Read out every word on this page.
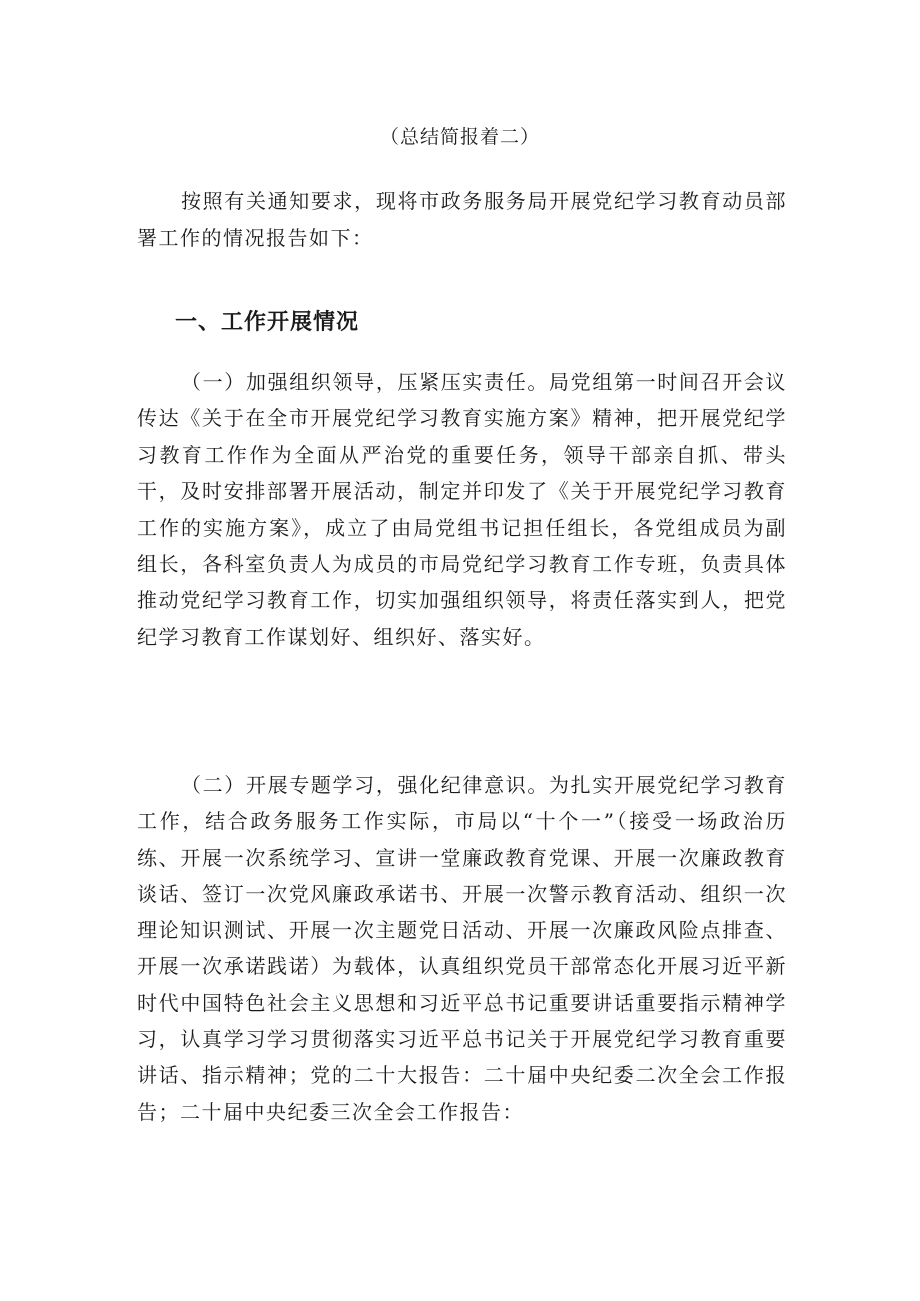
（总结简报着二）
按照有关通知要求，现将市政务服务局开展党纪学习教育动员部署工作的情况报告如下：
一、工作开展情况
（一）加强组织领导，压紧压实责任。局党组第一时间召开会议传达《关于在全市开展党纪学习教育实施方案》精神，把开展党纪学习教育工作作为全面从严治党的重要任务，领导干部亲自抓、带头干，及时安排部署开展活动，制定并印发了《关于开展党纪学习教育工作的实施方案》，成立了由局党组书记担任组长，各党组成员为副组长，各科室负责人为成员的市局党纪学习教育工作专班，负责具体推动党纪学习教育工作，切实加强组织领导，将责任落实到人，把党纪学习教育工作谋划好、组织好、落实好。
（二）开展专题学习，强化纪律意识。为扎实开展党纪学习教育工作，结合政务服务工作实际，市局以“十个一”（接受一场政治历练、开展一次系统学习、宣讲一堂廉政教育党课、开展一次廉政教育谈话、签订一次党风廉政承诺书、开展一次警示教育活动、组织一次理论知识测试、开展一次主题党日活动、开展一次廉政风险点排查、开展一次承诺践诺）为载体，认真组织党员干部常态化开展习近平新时代中国特色社会主义思想和习近平总书记重要讲话重要指示精神学习，认真学习学习贯彻落实习近平总书记关于开展党纪学习教育重要讲话、指示精神；党的二十大报告：二十届中央纪委二次全会工作报告；二十届中央纪委三次全会工作报告：
